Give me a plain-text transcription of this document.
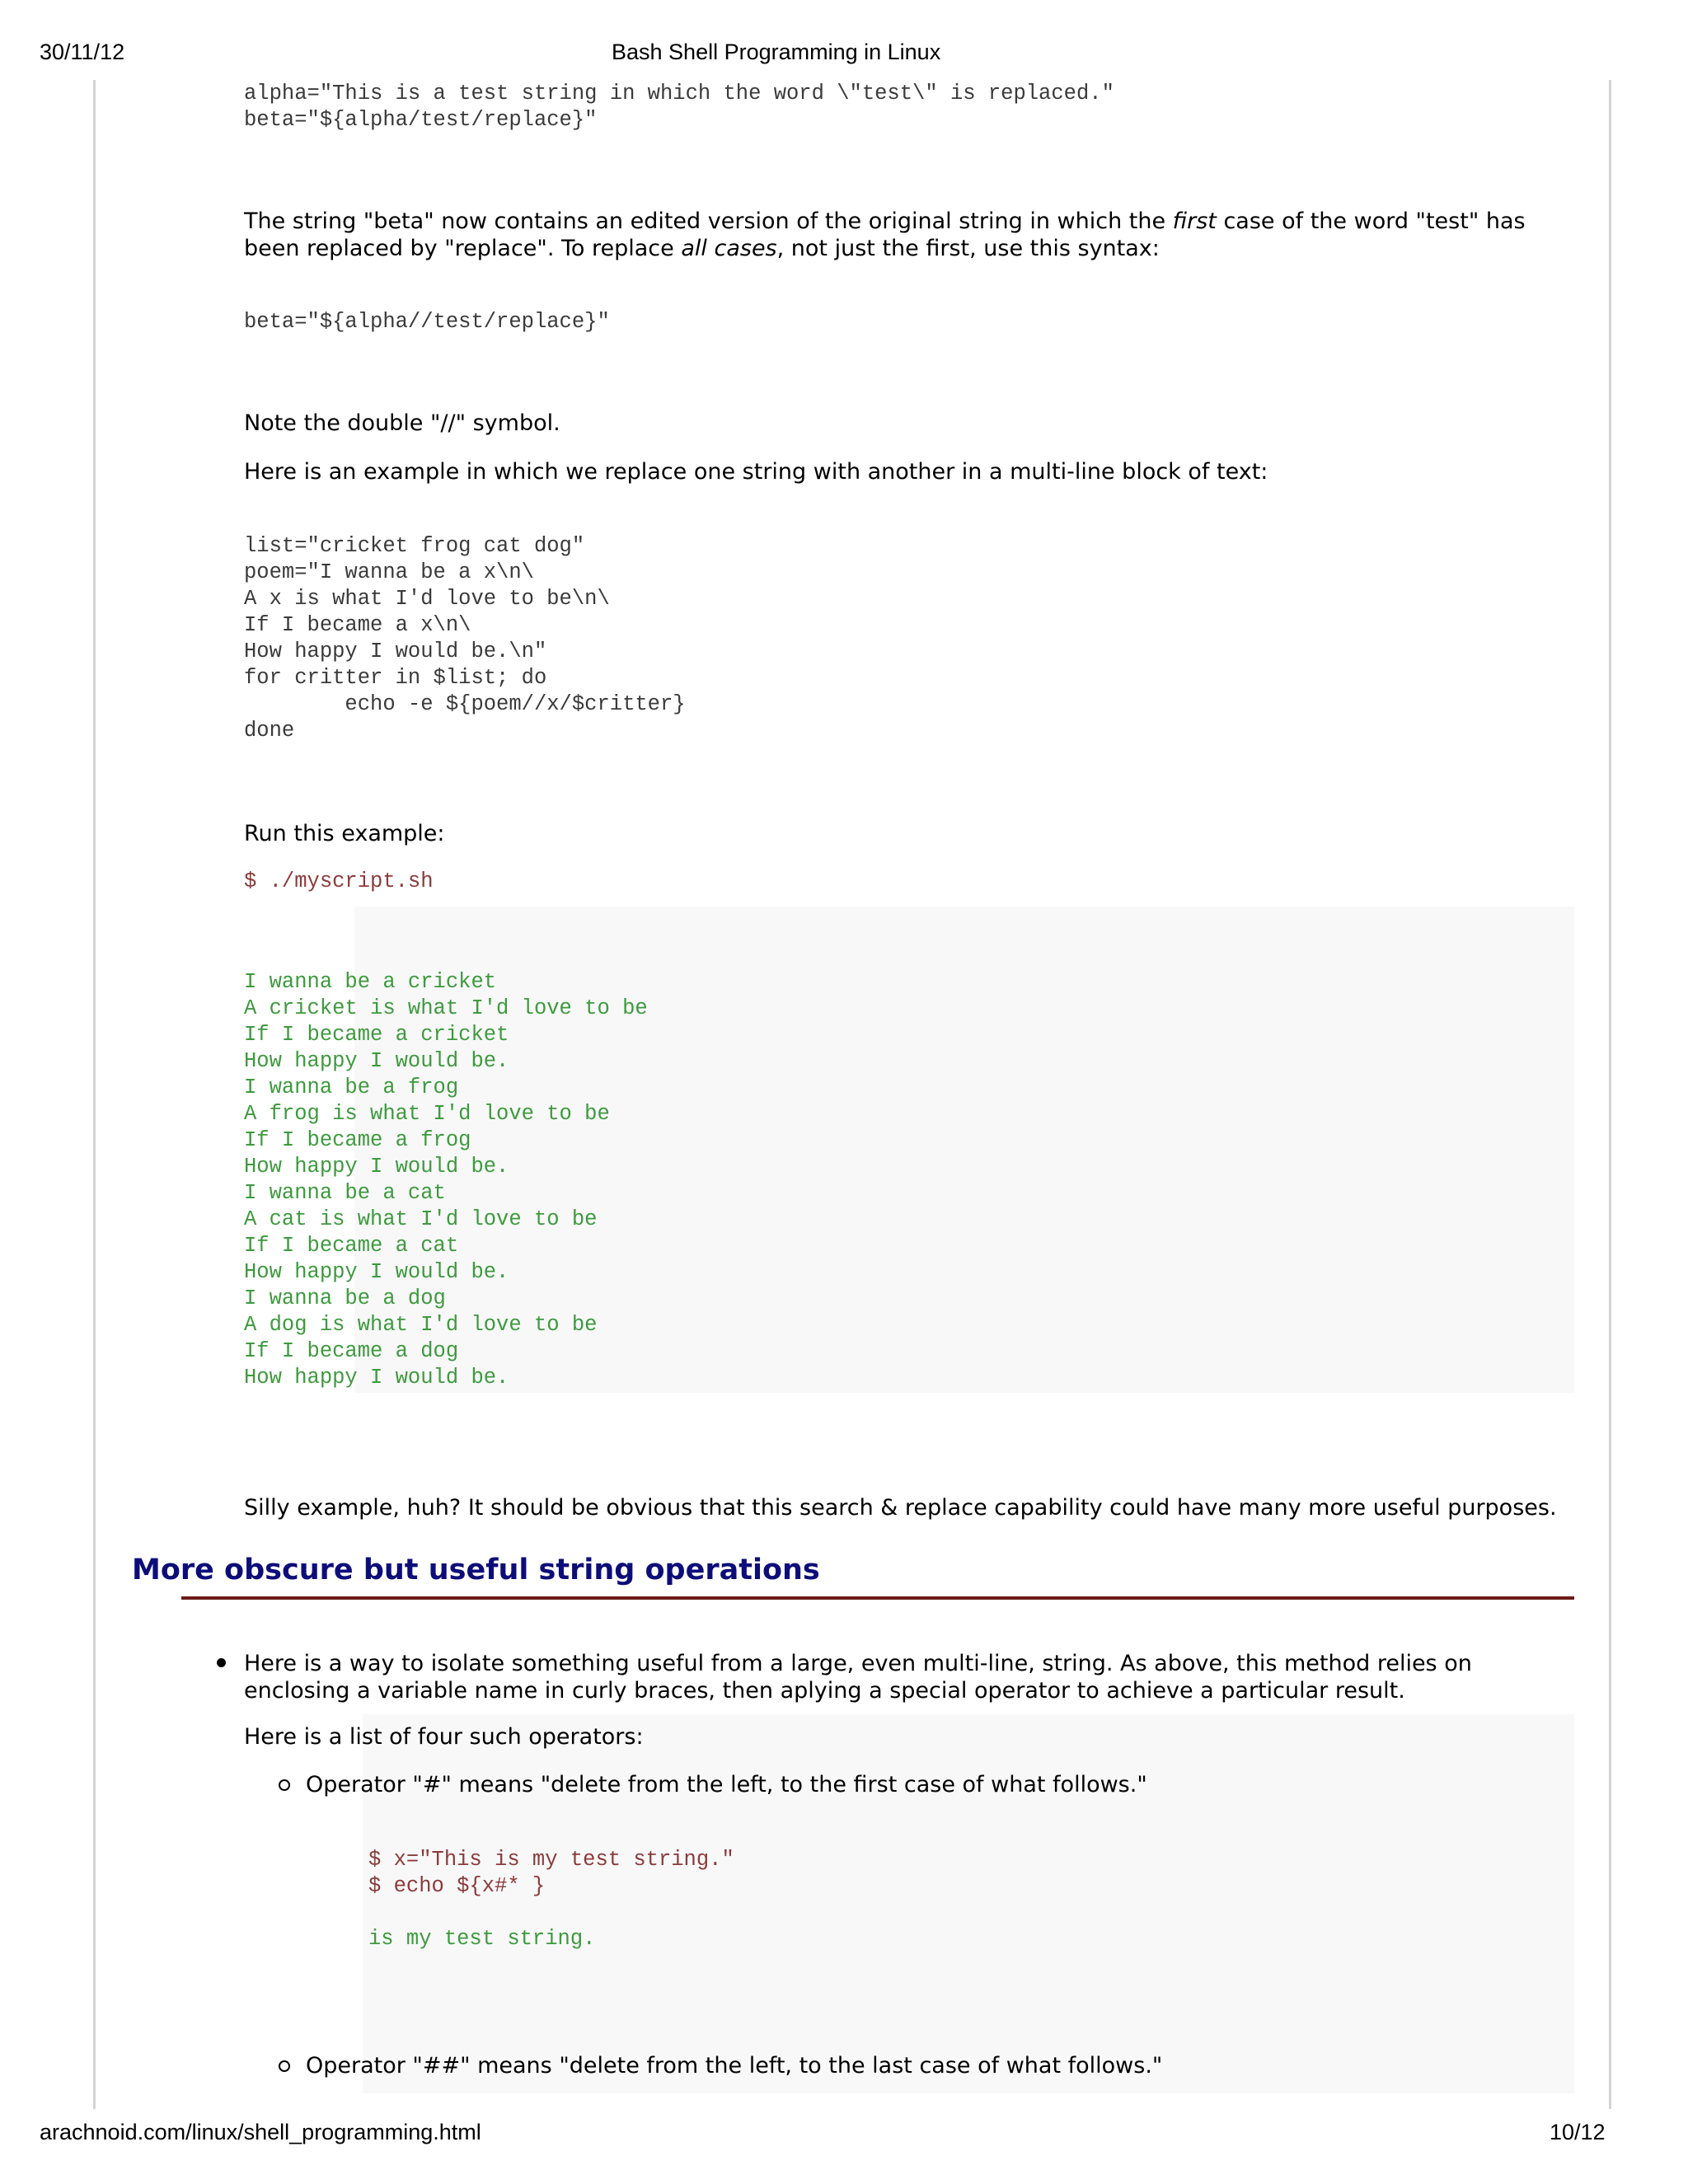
30/11/12	Bash Shell Programming in Linux
arachnoid.com/linux/shell_programming.html	10/12
alpha="This is a test string in which the word \"test\" is replaced."
beta="${alpha/test/replace}"

The string "beta" now contains an edited version of the original string in which the first case of the word "test" has been replaced by "replace". To replace all cases, not just the first, use this syntax:

beta="${alpha//test/replace}"

Note the double "//" symbol.

Here is an example in which we replace one string with another in a multi-line block of text:

list="cricket frog cat dog"
poem="I wanna be a x\n\
A x is what I'd love to be\n\
If I became a x\n\
How happy I would be.\n"
for critter in $list; do
echo -e ${poem//x/$critter}
done

Run this example:

$ ./myscript.sh
I wanna be a cricket
A cricket is what I'd love to be
If I became a cricket
How happy I would be.
I wanna be a frog
A frog is what I'd love to be
If I became a frog
How happy I would be.
I wanna be a cat
A cat is what I'd love to be
If I became a cat
How happy I would be.
I wanna be a dog
A dog is what I'd love to be
If I became a dog
How happy I would be.

Silly example, huh? It should be obvious that this search & replace capability could have many more useful purposes.

More obscure but useful string operations

Here is a way to isolate something useful from a large, even multi-line, string. As above, this method relies on enclosing a variable name in curly braces, then aplying a special operator to achieve a particular result.

Here is a list of four such operators:

Operator "#" means "delete from the left, to the first case of what follows."

$ x="This is my test string."
$ echo ${x#* }
is my test string.

Operator "##" means "delete from the left, to the last case of what follows."
